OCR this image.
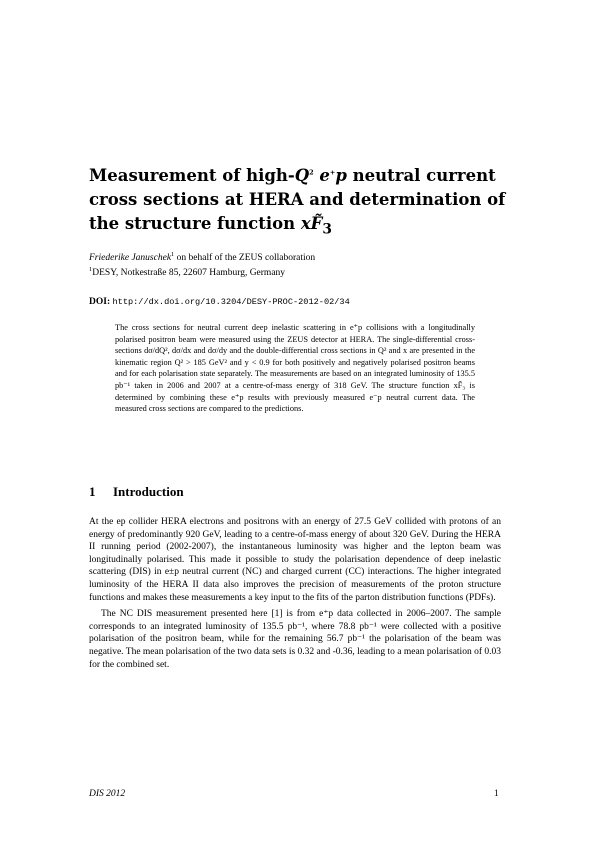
Measurement of high-$Q^2$ e+p neutral current cross sections at HERA and determination of the structure function $xF̃_3$
Friederike Januschek$^1$ on behalf of the ZEUS collaboration
$^1$DESY, Notkestraße 85, 22607 Hamburg, Germany
DOI: http://dx.doi.org/10.3204/DESY-PROC-2012-02/34
The cross sections for neutral current deep inelastic scattering in e⁺p collisions with a longitudinally polarised positron beam were measured using the ZEUS detector at HERA. The single-differential cross-sections dσ/dQ², dσ/dx and dσ/dy and the double-differential cross sections in Q² and x are presented in the kinematic region Q² > 185 GeV² and y < 0.9 for both positively and negatively polarised positron beams and for each polarisation state separately. The measurements are based on an integrated luminosity of 135.5 pb⁻¹ taken in 2006 and 2007 at a centre-of-mass energy of 318 GeV. The structure function xF̃₃ is determined by combining these e⁺p results with previously measured e⁻p neutral current data. The measured cross sections are compared to the predictions.
1 Introduction

At the ep collider HERA electrons and positrons with an energy of 27.5 GeV collided with protons of an energy of predominantly 920 GeV, leading to a centre-of-mass energy of about 320 GeV. During the HERA II running period (2002-2007), the instantaneous luminosity was higher and the lepton beam was longitudinally polarised. This made it possible to study the polarisation dependence of deep inelastic scattering (DIS) in e±p neutral current (NC) and charged current (CC) interactions. The higher integrated luminosity of the HERA II data also improves the precision of measurements of the proton structure functions and makes these measurements a key input to the fits of the parton distribution functions (PDFs).

The NC DIS measurement presented here [1] is from e⁺p data collected in 2006–2007. The sample corresponds to an integrated luminosity of 135.5 pb⁻¹, where 78.8 pb⁻¹ were collected with a positive polarisation of the positron beam, while for the remaining 56.7 pb⁻¹ the polarisation of the beam was negative. The mean polarisation of the two data sets is 0.32 and -0.36, leading to a mean polarisation of 0.03 for the combined set.

DIS 2012	1
